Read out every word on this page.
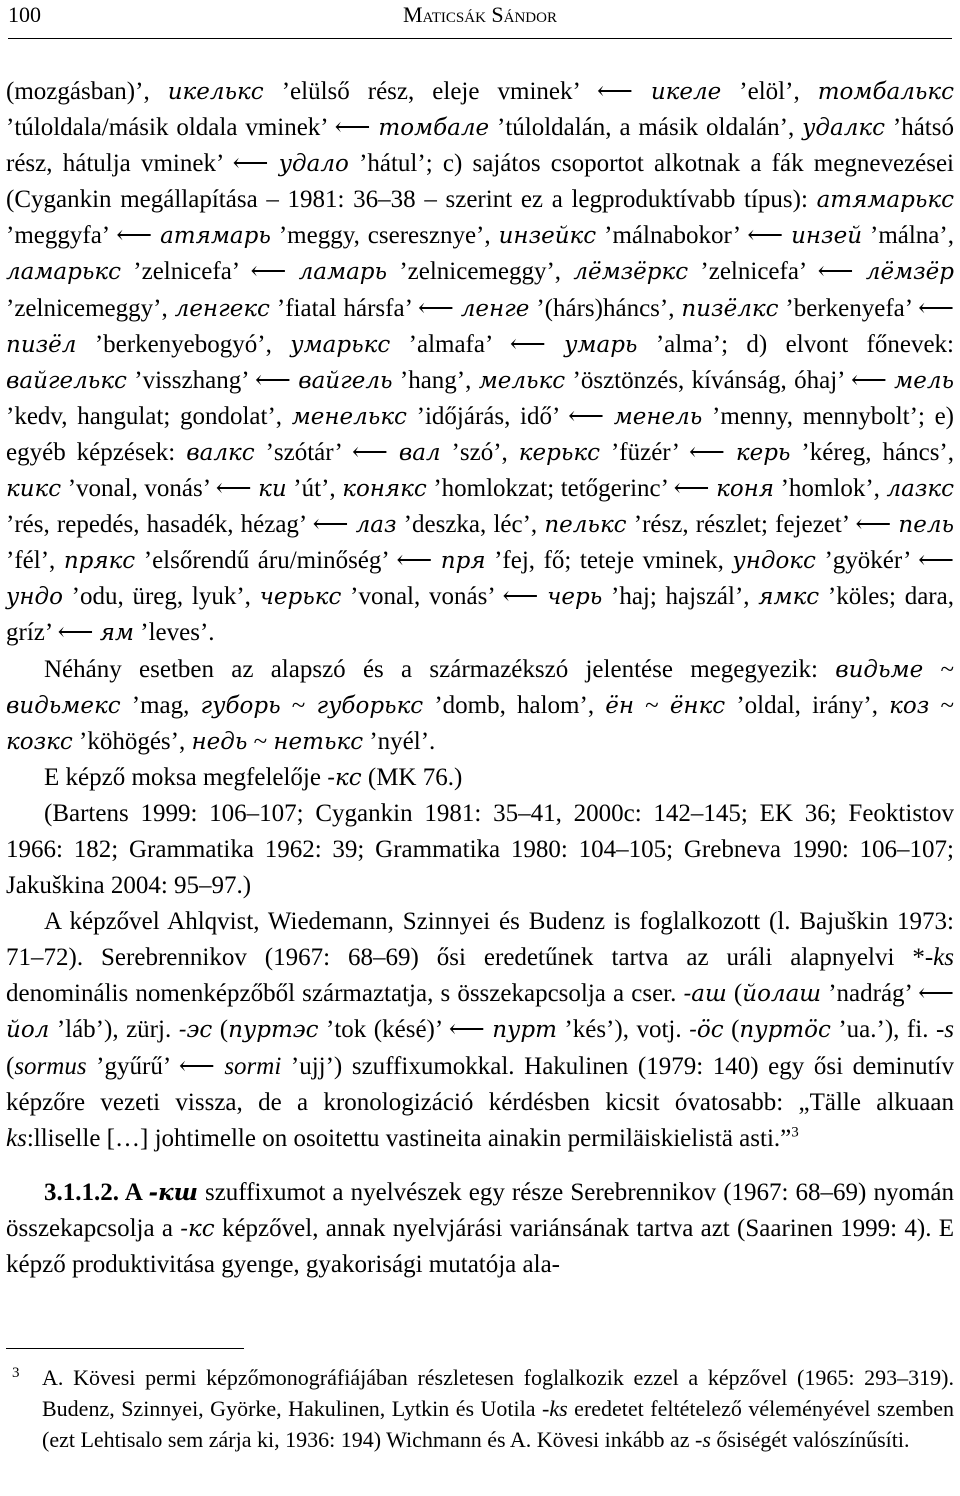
100	Maticsák Sándor

(mozgásban)’, икелькс ’elülső rész, eleje vminek’ ⟵ икеле ’elöl’, томбалькс ’túloldala/másik oldala vminek’ ⟵ томбале ’túloldalán, a másik oldalán’, удалкс ’hátsó rész, hátulja vminek’ ⟵ удало ’hátul’; c) sajátos csoportot alkotnak a fák megnevezései (Cygankin megállapítása – 1981: 36–38 – szerint ez a legproduktívabb típus): атямарькс ’meggyfa’ ⟵ атямарь ’meggy, cseresznye’, инзейкс ’málnabokor’ ⟵ инзей ’málna’, ламарькс ’zelnicefa’ ⟵ ламарь ’zelnicemeggy’, лёмзёркс ’zelnicefa’ ⟵ лёмзёр ’zelnicemeggy’, ленгекс ’fiatal hársfa’ ⟵ ленге ’(hárs)háncs’, пизёлкс ’berkenyefa’ ⟵ пизёл ’berkenyebogyó’, умарькс ’almafa’ ⟵ умарь ’alma’; d) elvont főnevek: вайгелькс ’visszhang’ ⟵ вайгель ’hang’, мелькс ’ösztönzés, kívánság, óhaj’ ⟵ мель ’kedv, hangulat; gondolat’, менелькс ’időjárás, idő’ ⟵ менель ’menny, mennybolt’; e) egyéb képzések: валкс ’szótár’ ⟵ вал ’szó’, керькс ’füzér’ ⟵ керь ’kéreg, háncs’, кикс ’vonal, vonás’ ⟵ ки ’út’, конякс ’homlokzat; tetőgerinc’ ⟵ коня ’homlok’, лазкс ’rés, repedés, hasadék, hézag’ ⟵ лаз ’deszka, léc’, пелькс ’rész, részlet; fejezet’ ⟵ пель ’fél’, прякс ’elsőrendű áru/minőség’ ⟵ пря ’fej, fő; teteje vminek, ундокс ’gyökér’ ⟵ ундо ’odu, üreg, lyuk’, черькс ’vonal, vonás’ ⟵ черь ’haj; hajszál’, ямкс ’köles; dara, gríz’ ⟵ ям ’leves’.

Néhány esetben az alapszó és a származékszó jelentése megegyezik: видьме ~ видьмекс ’mag, губорь ~ губорькс ’domb, halom’, ён ~ ёнкс ’oldal, irány’, коз ~ козкс ’köhögés’, недь ~ нетькс ’nyél’.

E képző moksa megfelelője -кс (MK 76.)

(Bartens 1999: 106–107; Cygankin 1981: 35–41, 2000c: 142–145; EK 36; Feoktistov 1966: 182; Grammatika 1962: 39; Grammatika 1980: 104–105; Grebneva 1990: 106–107; Jakuškina 2004: 95–97.)

A képzővel Ahlqvist, Wiedemann, Szinnyei és Budenz is foglalkozott (l. Bajuškin 1973: 71–72). Serebrennikov (1967: 68–69) ősi eredetűnek tartva az uráli alapnyelvi *-ks denominális nomenképzőből származtatja, s összekapcsolja a cser. -аш (йолаш ’nadrág’ ⟵ йол ’láb’), zürj. -эс (пуртэс ’tok (késé)’ ⟵ пурт ’kés’), votj. -öс (пуртöс ’ua.’), fi. -s (sormus ’gyűrű’ ⟵ sormi ’ujj’) szuffixumokkal. Hakulinen (1979: 140) egy ősi deminutív képzőre vezeti vissza, de a kronologizáció kérdésben kicsit óvatosabb: „Tälle alkuaan ks:lliselle […] johtimelle on osoitettu vastineita ainakin permiläiskielistä asti.”$^3$

3.1.1.2. A -кш szuffixumot a nyelvészek egy része Serebrennikov (1967: 68–69) nyomán összekapcsolja a -кс képzővel, annak nyelvjárási variánsának tartva azt (Saarinen 1999: 4). E képző produktivitása gyenge, gyakorisági mutatója ala-

3 A. Kövesi permi képzőmonográfiájában részletesen foglalkozik ezzel a képzővel (1965: 293–319). Budenz, Szinnyei, Györke, Hakulinen, Lytkin és Uotila -ks eredetet feltételező véleményével szemben (ezt Lehtisalo sem zárja ki, 1936: 194) Wichmann és A. Kövesi inkább az -s ősiségét valószínűsíti.
